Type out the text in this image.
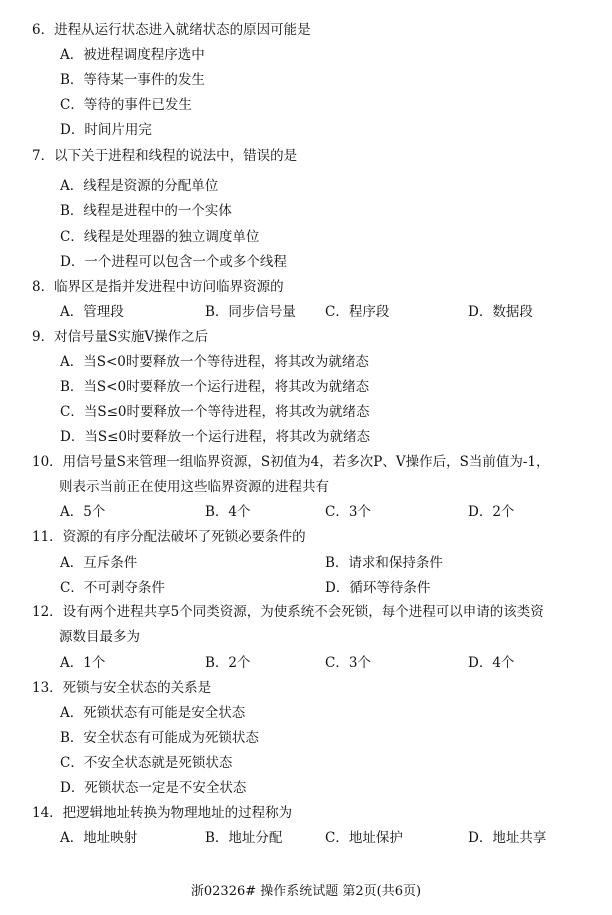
6．进程从运行状态进入就绪状态的原因可能是
A．被进程调度程序选中
B．等待某一事件的发生
C．等待的事件已发生
D．时间片用完
7．以下关于进程和线程的说法中，错误的是
A．线程是资源的分配单位
B．线程是进程中的一个实体
C．线程是处理器的独立调度单位
D．一个进程可以包含一个或多个线程
8．临界区是指并发进程中访问临界资源的
A．管理段	B．同步信号量 C．程序段	D．数据段
9．对信号量S实施V操作之后
A．当S<0时要释放一个等待进程，将其改为就绪态
B．当S<0时要释放一个运行进程，将其改为就绪态
C．当S≤0时要释放一个等待进程，将其改为就绪态
D．当S≤0时要释放一个运行进程，将其改为就绪态
10．用信号量S来管理一组临界资源，S初值为4，若多次P、V操作后，S当前值为-1，
则表示当前正在使用这些临界资源的进程共有
A．5个	B．4个	C．3个	D．2个
11．资源的有序分配法破坏了死锁必要条件的
A．互斥条件	B．请求和保持条件
C．不可剥夺条件	D．循环等待条件
12．设有两个进程共享5个同类资源，为使系统不会死锁，每个进程可以申请的该类资
源数目最多为
A．1个	B．2个	C．3个	D．4个
13．死锁与安全状态的关系是
A．死锁状态有可能是安全状态
B．安全状态有可能成为死锁状态
C．不安全状态就是死锁状态
D．死锁状态一定是不安全状态
14．把逻辑地址转换为物理地址的过程称为
A．地址映射	B．地址分配	C．地址保护	D．地址共享
浙02326# 操作系统试题 第2页(共6页)
